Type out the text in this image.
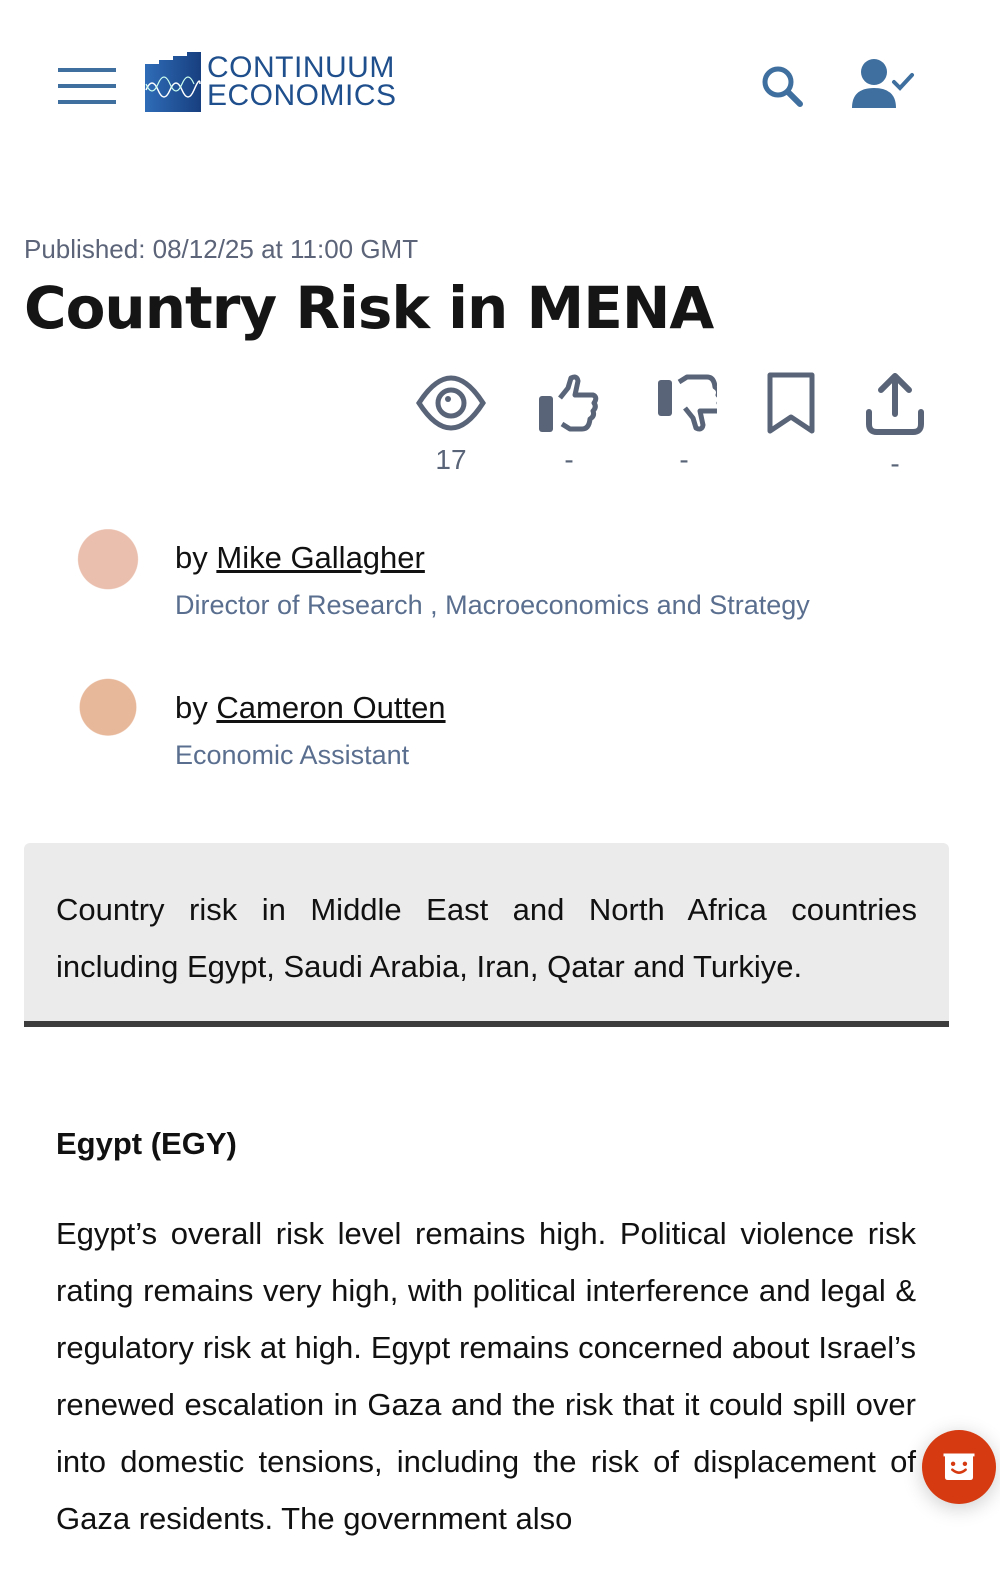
CONTINUUM
ECONOMICS
Published: 08/12/25 at 11:00 GMT
Country Risk in MENA
17	-	-	-
by Mike Gallagher
Director of Research , Macroeconomics and Strategy
by Cameron Outten
Economic Assistant
Country risk in Middle East and North Africa countries including Egypt, Saudi Arabia, Iran, Qatar and Turkiye.
Egypt (EGY)

Egypt’s overall risk level remains high. Political violence risk rating remains very high, with political interference and legal & regulatory risk at high. Egypt remains concerned about Israel’s renewed escalation in Gaza and the risk that it could spill over into domestic tensions, including the risk of displacement of Gaza residents. The government also
